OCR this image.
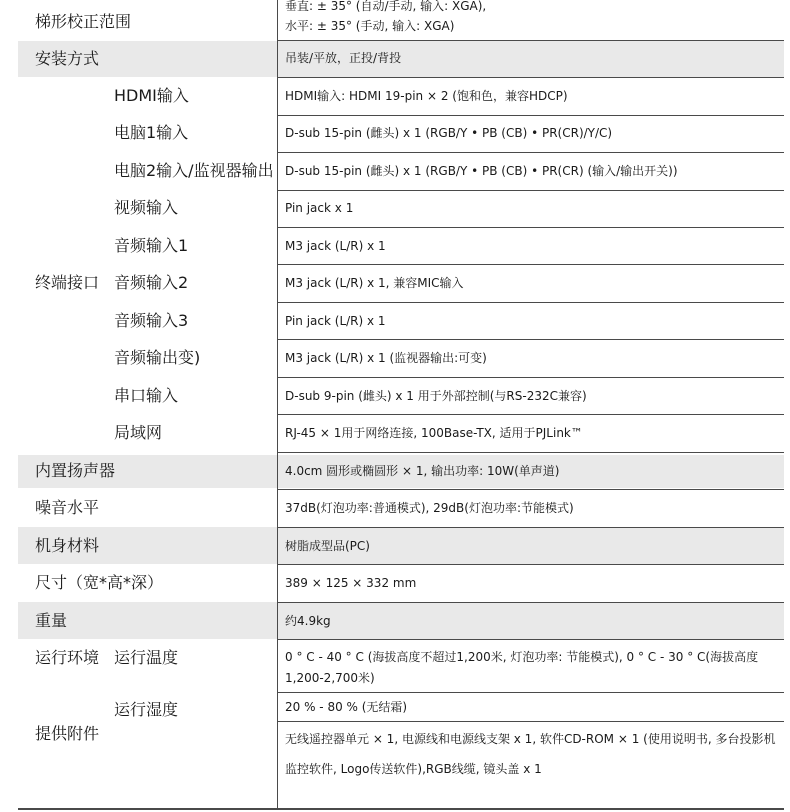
梯形校正范围
安装方式
终端接口
HDMI输入
电脑1输入
电脑2输入/监视器输出
视频输入
音频输入1
音频输入2
音频输入3
音频输出变)
串口输入
局域网
内置扬声器
噪音水平
机身材料
尺寸（宽*高*深）
重量
运行环境 运行温度
运行湿度
提供附件
垂直: ± 35° (自动/手动, 输入: XGA),
水平: ± 35° (手动, 输入: XGA)
吊装/平放，正投/背投
HDMI输入: HDMI 19-pin × 2 (饱和色，兼容HDCP)
D-sub 15-pin (雌头) x 1 (RGB/Y • PB (CB) • PR(CR)/Y/C)
D-sub 15-pin (雌头) x 1 (RGB/Y • PB (CB) • PR(CR) (输入/输出开关))
Pin jack x 1
M3 jack (L/R) x 1
M3 jack (L/R) x 1, 兼容MIC输入
Pin jack (L/R) x 1
M3 jack (L/R) x 1 (监视器输出:可变)
D-sub 9-pin (雌头) x 1 用于外部控制(与RS-232C兼容)
RJ-45 × 1用于网络连接, 100Base-TX, 适用于PJLink™
4.0cm 圆形或椭圆形 × 1, 输出功率: 10W(单声道)
37dB(灯泡功率:普通模式), 29dB(灯泡功率:节能模式)
树脂成型品(PC)
389 × 125 × 332 mm
约4.9kg
0 ° C - 40 ° C (海拔高度不超过1,200米, 灯泡功率: 节能模式), 0 ° C - 30 ° C(海拔高度1,200-2,700米)
20 % - 80 % (无结霜)
无线遥控器单元 × 1, 电源线和电源线支架 x 1, 软件CD-ROM × 1 (使用说明书, 多台投影机监控软件, Logo传送软件),RGB线缆, 镜头盖 x 1
